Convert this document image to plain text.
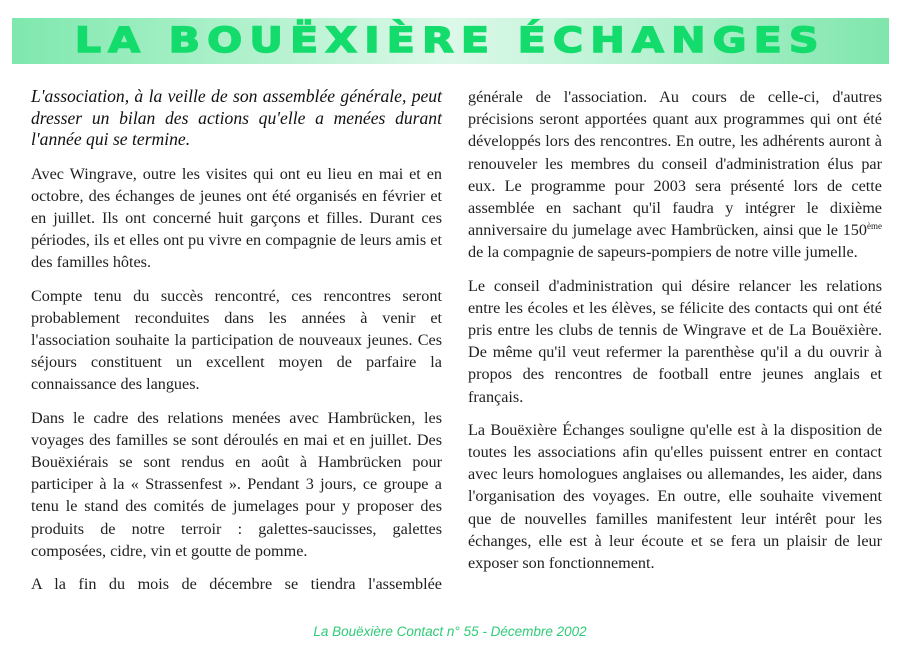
LA BOUËXIÈRE ÉCHANGES

L'association, à la veille de son assemblée générale, peut dresser un bilan des actions qu'elle a menées durant l'année qui se termine.

Avec Wingrave, outre les visites qui ont eu lieu en mai et en octobre, des échanges de jeunes ont été organisés en février et en juillet. Ils ont concerné huit garçons et filles. Durant ces périodes, ils et elles ont pu vivre en compagnie de leurs amis et des familles hôtes.

Compte tenu du succès rencontré, ces rencontres seront probablement reconduites dans les années à venir et l'association souhaite la participation de nouveaux jeunes. Ces séjours constituent un excellent moyen de parfaire la connaissance des langues.

Dans le cadre des relations menées avec Hambrücken, les voyages des familles se sont déroulés en mai et en juillet. Des Bouëxiérais se sont rendus en août à Hambrücken pour participer à la « Strassenfest ». Pendant 3 jours, ce groupe a tenu le stand des comités de jumelages pour y proposer des produits de notre terroir : galettes-saucisses, galettes composées, cidre, vin et goutte de pomme.

A la fin du mois de décembre se tiendra l'assemblée

générale de l'association. Au cours de celle-ci, d'autres précisions seront apportées quant aux programmes qui ont été développés lors des rencontres. En outre, les adhérents auront à renouveler les membres du conseil d'administration élus par eux. Le programme pour 2003 sera présenté lors de cette assemblée en sachant qu'il faudra y intégrer le dixième anniversaire du jumelage avec Hambrücken, ainsi que le 150ème de la compagnie de sapeurs-pompiers de notre ville jumelle.

Le conseil d'administration qui désire relancer les relations entre les écoles et les élèves, se félicite des contacts qui ont été pris entre les clubs de tennis de Wingrave et de La Bouëxière. De même qu'il veut refermer la parenthèse qu'il a du ouvrir à propos des rencontres de football entre jeunes anglais et français.

La Bouëxière Échanges souligne qu'elle est à la disposition de toutes les associations afin qu'elles puissent entrer en contact avec leurs homologues anglaises ou allemandes, les aider, dans l'organisation des voyages. En outre, elle souhaite vivement que de nouvelles familles manifestent leur intérêt pour les échanges, elle est à leur écoute et se fera un plaisir de leur exposer son fonctionnement.

La Bouëxière Contact n° 55 - Décembre 2002
